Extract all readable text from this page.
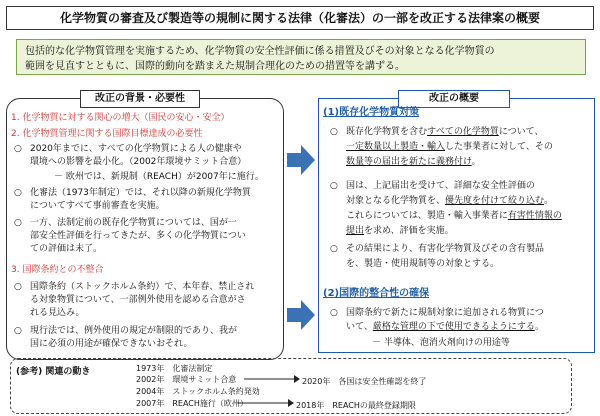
化学物質の審査及び製造等の規制に関する法律（化審法）の一部を改正する法律案の概要
包括的な化学物質管理を実施するため、化学物質の安全性評価に係る措置及びその対象となる化学物質の
範囲を見直すとともに、国際的動向を踏まえた規制合理化のための措置等を講ずる。
改正の背景・必要性
1. 化学物質に対する関心の増大（国民の安心・安全）
2. 化学物質管理に関する国際目標達成の必要性
○ 2020年までに、すべての化学物質による人の健康や
環境への影響を最小化。（2002年環境サミット合意）
－ 欧州では、新規制（REACH）が2007年に施行。
○ 化審法（1973年制定）では、それ以降の新規化学物質
についてすべて事前審査を実施。
○ 一方、法制定前の既存化学物質については、国が一
部安全性評価を行ってきたが、多くの化学物質につい
ての評価は未了。
3. 国際条約との不整合
○ 国際条約（ストックホルム条約）で、本年春、禁止され
る対象物質について、一部例外使用を認める合意がさ
れる見込み。
○ 現行法では、例外使用の規定が制限的であり、我が
国に必須の用途が確保できないおそれ。
改正の概要
(1)既存化学物質対策
○ 既存化学物質を含むすべての化学物質について、
一定数量以上製造・輸入した事業者に対して、その
数量等の届出を新たに義務付け。
○ 国は、上記届出を受けて、詳細な安全性評価の
対象となる化学物質を、優先度を付けて絞り込む。
これらについては、製造・輸入事業者に有害性情報の
提出を求め、評価を実施。
○ その結果により、有害化学物質及びその含有製品
を、製造・使用規制等の対象とする。
(2)国際的整合性の確保
○ 国際条約で新たに規制対象に追加される物質につ
いて、厳格な管理の下で使用できるようにする。
－ 半導体、泡消火剤向けの用途等
(参考) 関連の動き	1973年　化審法制定
2002年　環境サミット合意
2004年　ストックホルム条約発効
2007年　REACH施行（欧州）
2020年　各国は安全性確認を終了
2018年　REACHの最終登録期限
